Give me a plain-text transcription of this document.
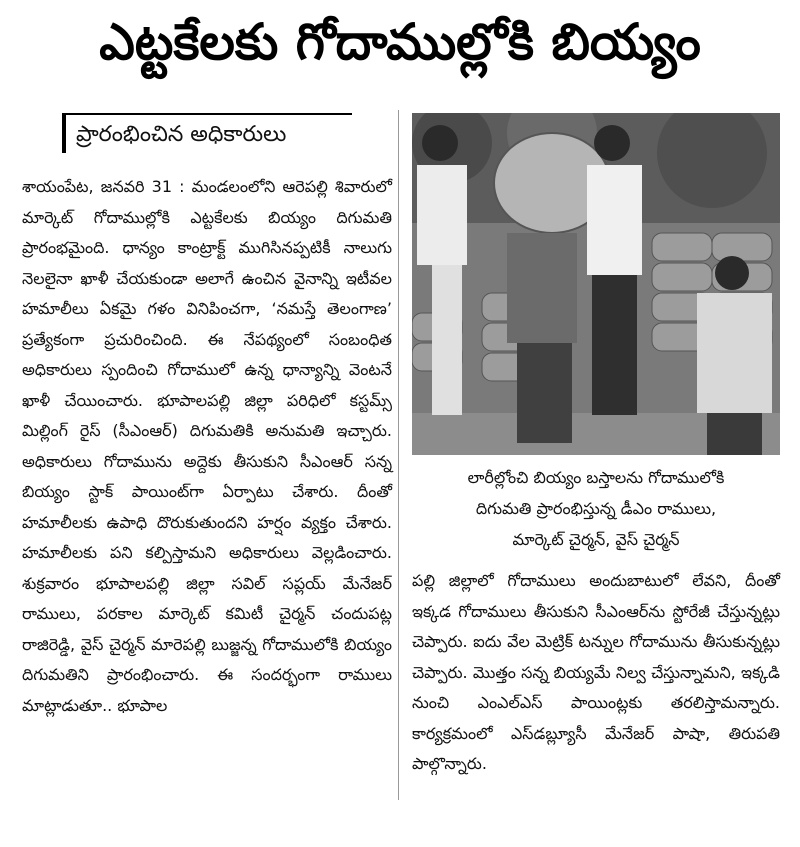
ఎట్టకేలకు గోదాముల్లోకి బియ్యం
ప్రారంభించిన అధికారులు

శాయంపేట, జనవరి 31 : మండలంలోని ఆరెపల్లి శివారులో మార్కెట్ గోదాముల్లోకి ఎట్టకేలకు బియ్యం దిగుమతి ప్రారంభమైంది. ధాన్యం కాంట్రాక్ట్ ముగిసినప్పటికీ నాలుగు నెలలైనా ఖాళీ చేయకుండా అలాగే ఉంచిన వైనాన్ని ఇటీవల హమాలీలు ఏకమై గళం వినిపించగా, ‘నమస్తే తెలంగాణ’ ప్రత్యేకంగా ప్రచురించింది. ఈ నేపథ్యంలో సంబంధిత అధికారులు స్పందించి గోదాములో ఉన్న ధాన్యాన్ని వెంటనే ఖాళీ చేయించారు. భూపాలపల్లి జిల్లా పరిధిలో కస్టమ్స్ మిల్లింగ్ రైస్ (సీఎంఆర్) దిగుమతికి అనుమతి ఇచ్చారు. అధికారులు గోదామును అద్దెకు తీసుకుని సీఎంఆర్ సన్న బియ్యం స్టాక్ పాయింట్‌గా ఏర్పాటు చేశారు. దీంతో హమాలీలకు ఉపాధి దొరుకుతుందని హర్షం వ్యక్తం చేశారు. హమాలీలకు పని కల్పిస్తామని అధికారులు వెల్లడించారు. శుక్రవారం భూపాలపల్లి జిల్లా సవిల్ సప్లయ్ మేనేజర్ రాములు, పరకాల మార్కెట్ కమిటీ చైర్మన్ చందుపట్ల రాజిరెడ్డి, వైస్ చైర్మన్ మారెపల్లి బుజ్జన్న గోదాములోకి బియ్యం దిగుమతిని ప్రారంభించారు. ఈ సందర్భంగా రాములు మాట్లాడుతూ.. భూపాల

లారీల్లోంచి బియ్యం బస్తాలను గోదాములోకి
దిగుమతి ప్రారంభిస్తున్న డీఎం రాములు,
మార్కెట్ చైర్మన్, వైస్ చైర్మన్

పల్లి జిల్లాలో గోదాములు అందుబాటులో లేవని, దీంతో ఇక్కడ గోదాములు తీసుకుని సీఎంఆర్‌ను స్టోరేజీ చేస్తున్నట్లు చెప్పారు. ఐదు వేల మెట్రిక్ టన్నుల గోదామును తీసుకున్నట్లు చెప్పారు. మొత్తం సన్న బియ్యమే నిల్వ చేస్తున్నామని, ఇక్కడి నుంచి ఎంఎల్ఎస్ పాయింట్లకు తరలిస్తామన్నారు. కార్యక్రమంలో ఎస్‌డబ్ల్యూసీ మేనేజర్ పాషా, తిరుపతి పాల్గొన్నారు.
